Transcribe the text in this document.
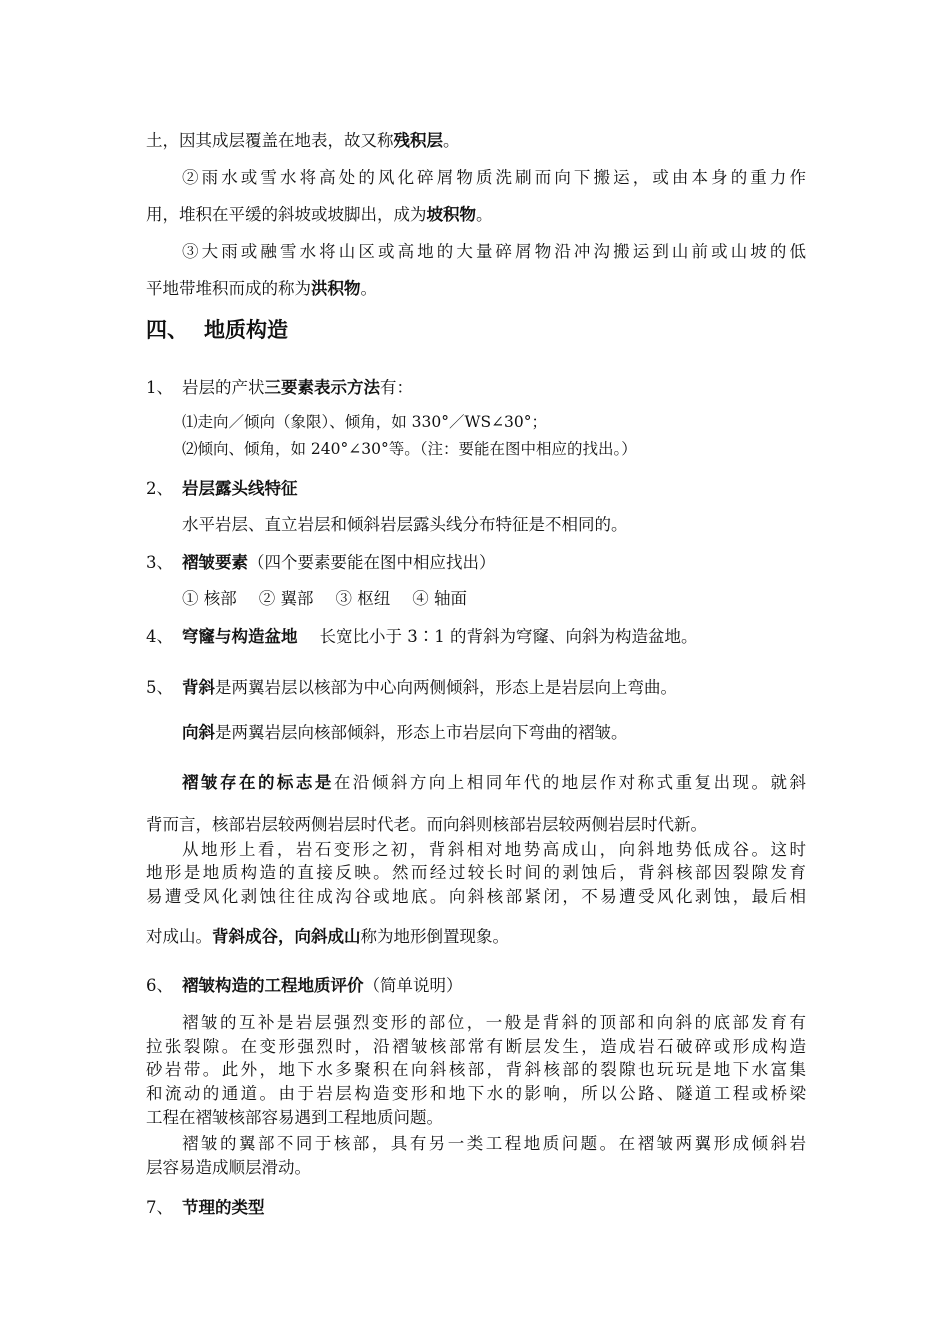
土，因其成层覆盖在地表，故又称残积层。
②雨水或雪水将高处的风化碎屑物质洗刷而向下搬运，或由本身的重力作
用，堆积在平缓的斜坡或坡脚出，成为坡积物。
③大雨或融雪水将山区或高地的大量碎屑物沿冲沟搬运到山前或山坡的低
平地带堆积而成的称为洪积物。
四、 地质构造
1、 岩层的产状三要素表示方法有：
⑴走向／倾向（象限）、倾角，如 330°／WS∠30°；
⑵倾向、倾角，如 240°∠30°等。（注：要能在图中相应的找出。）
2、 岩层露头线特征
水平岩层、直立岩层和倾斜岩层露头线分布特征是不相同的。
3、 褶皱要素（四个要素要能在图中相应找出）
① 核部 ② 翼部 ③ 枢纽 ④ 轴面
4、 穹窿与构造盆地 长宽比小于 3∶1 的背斜为穹窿、向斜为构造盆地。
5、 背斜是两翼岩层以核部为中心向两侧倾斜，形态上是岩层向上弯曲。
向斜是两翼岩层向核部倾斜，形态上市岩层向下弯曲的褶皱。
褶皱存在的标志是在沿倾斜方向上相同年代的地层作对称式重复出现。就斜
背而言，核部岩层较两侧岩层时代老。而向斜则核部岩层较两侧岩层时代新。
从地形上看，岩石变形之初，背斜相对地势高成山，向斜地势低成谷。这时
地形是地质构造的直接反映。然而经过较长时间的剥蚀后，背斜核部因裂隙发育
易遭受风化剥蚀往往成沟谷或地底。向斜核部紧闭，不易遭受风化剥蚀，最后相
对成山。背斜成谷，向斜成山称为地形倒置现象。
6、 褶皱构造的工程地质评价（简单说明）
褶皱的互补是岩层强烈变形的部位，一般是背斜的顶部和向斜的底部发育有
拉张裂隙。在变形强烈时，沿褶皱核部常有断层发生，造成岩石破碎或形成构造
砂岩带。此外，地下水多聚积在向斜核部，背斜核部的裂隙也玩玩是地下水富集
和流动的通道。由于岩层构造变形和地下水的影响，所以公路、隧道工程或桥梁
工程在褶皱核部容易遇到工程地质问题。
褶皱的翼部不同于核部，具有另一类工程地质问题。在褶皱两翼形成倾斜岩
层容易造成顺层滑动。
7、 节理的类型
